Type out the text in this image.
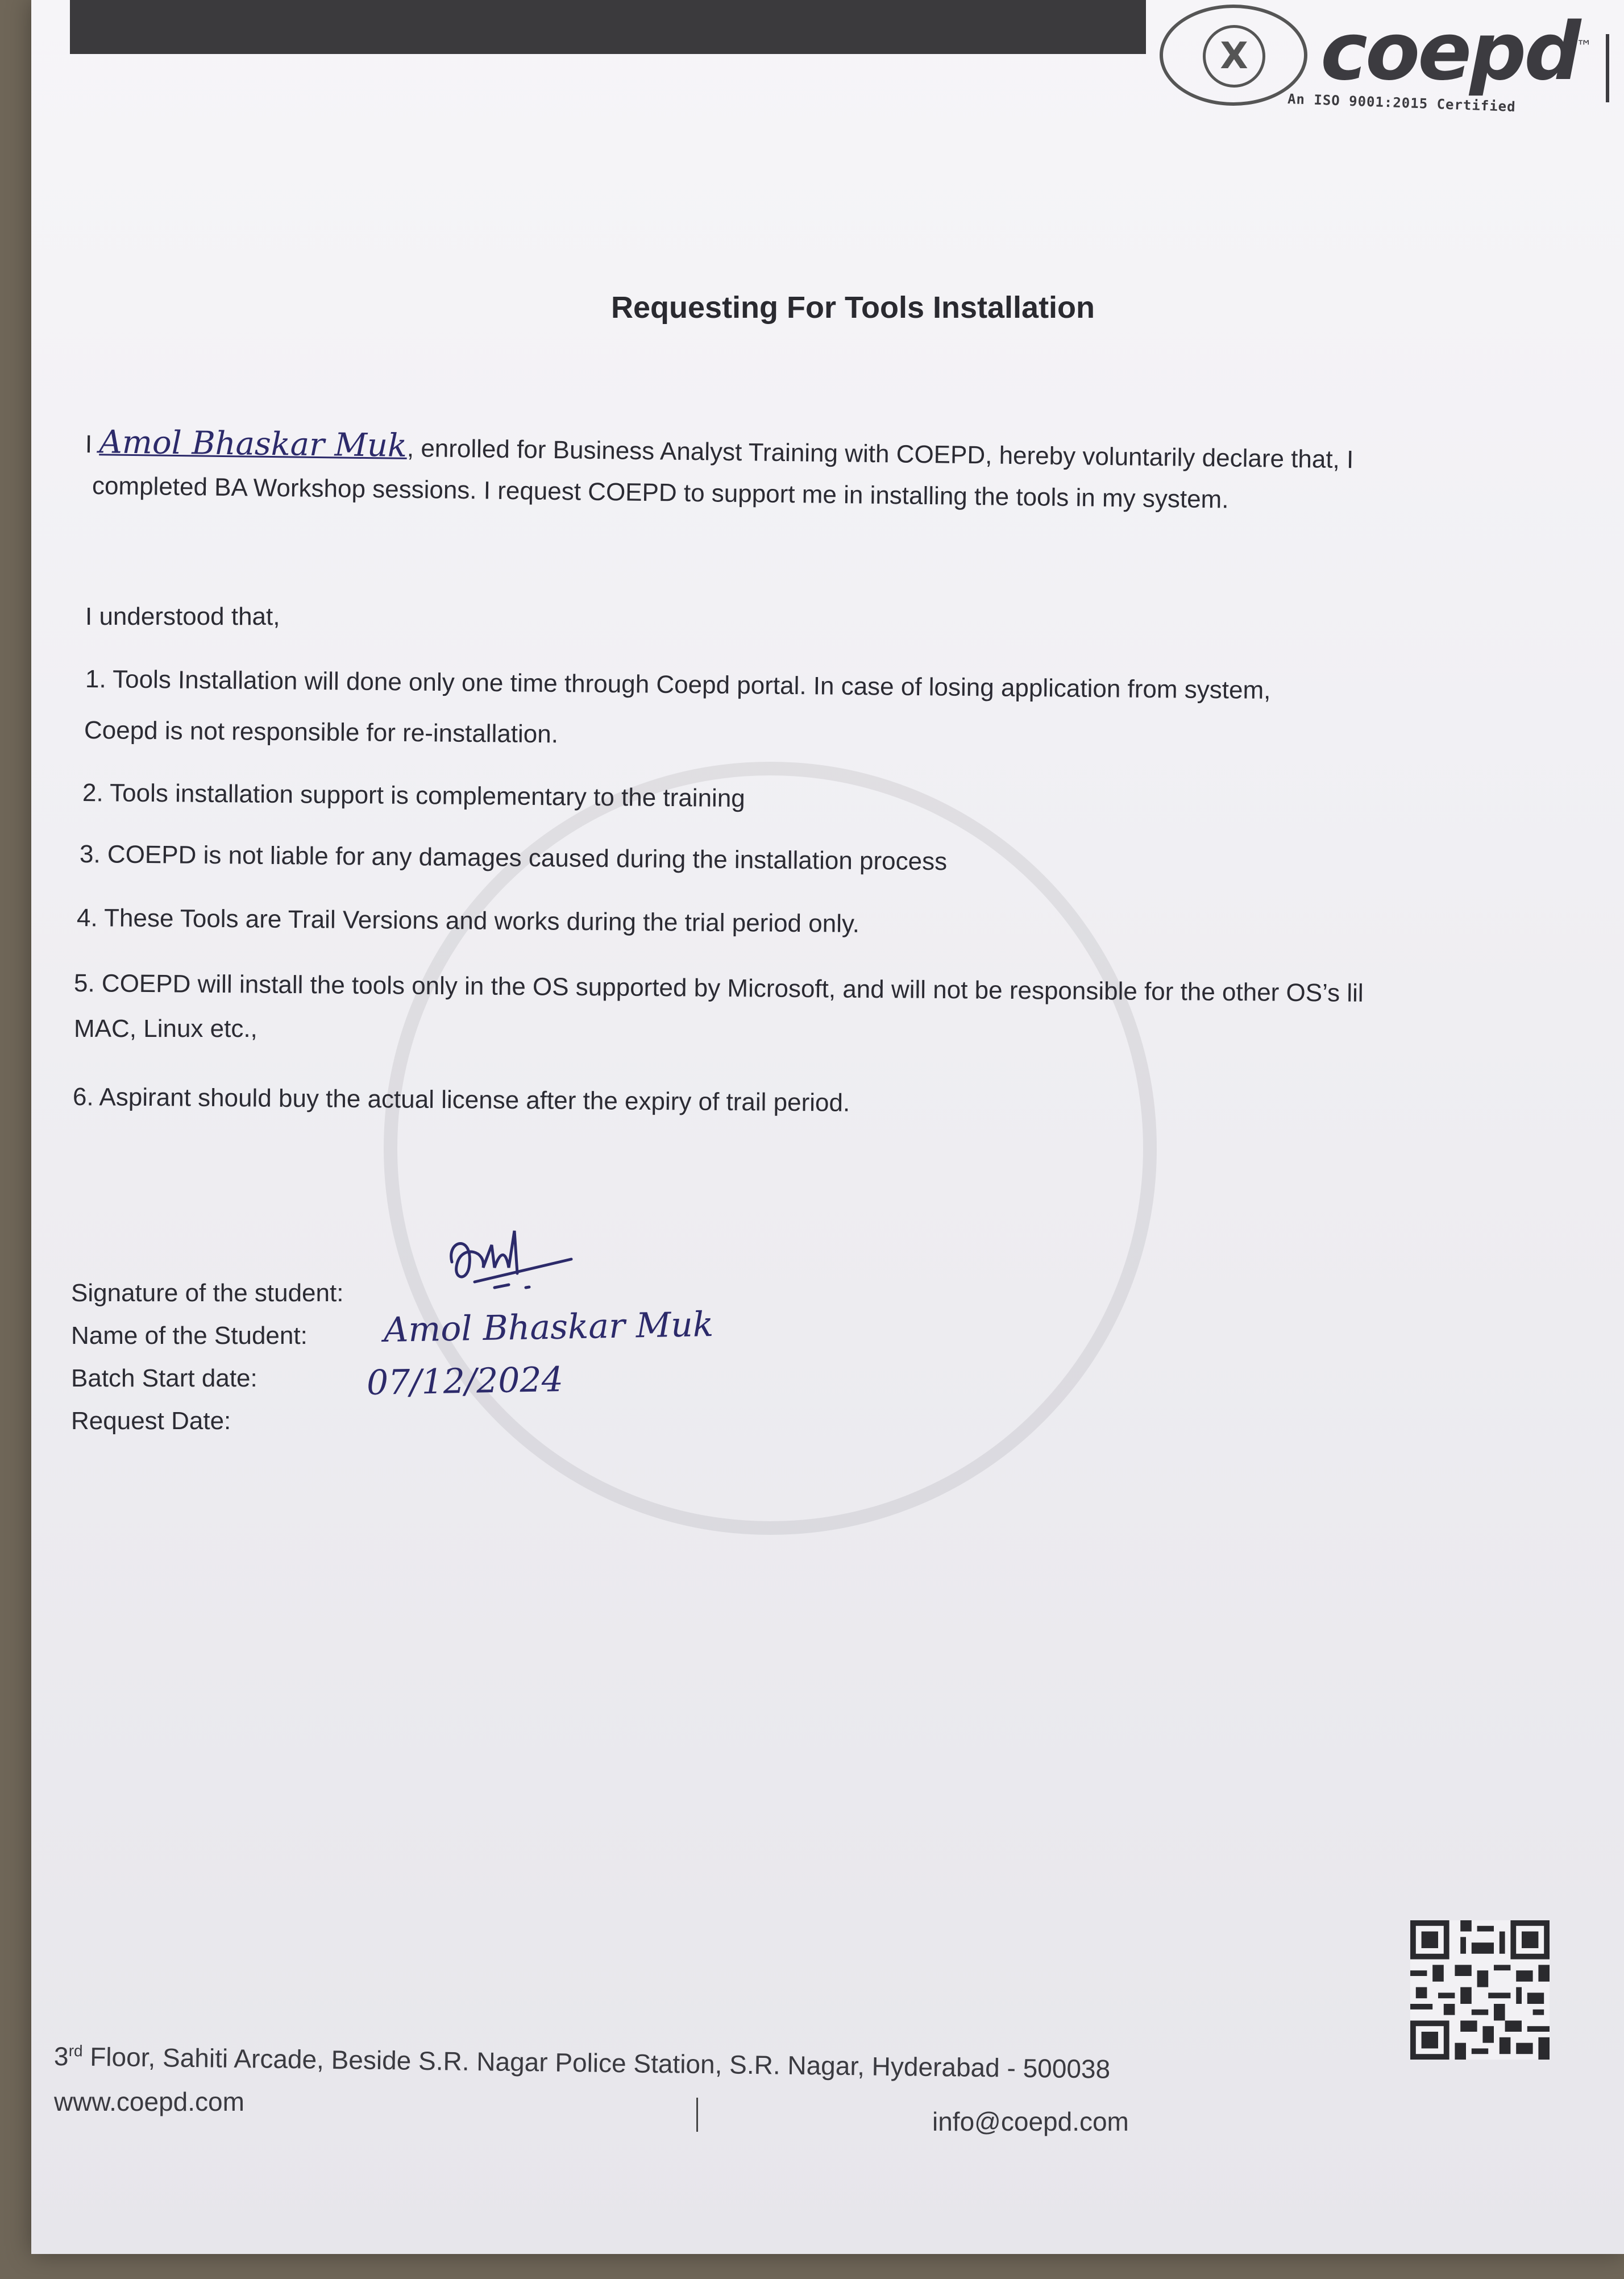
X coepd
™
An ISO 9001:2015 Certified
Requesting For Tools Installation
I Amol Bhaskar Muk, enrolled for Business Analyst Training with COEPD, hereby voluntarily declare that, I
completed BA Workshop sessions. I request COEPD to support me in installing the tools in my system.
I understood that,
1. Tools Installation will done only one time through Coepd portal. In case of losing application from system,
Coepd is not responsible for re-installation.
2. Tools installation support is complementary to the training
3. COEPD is not liable for any damages caused during the installation process
4. These Tools are Trail Versions and works during the trial period only.
5. COEPD will install the tools only in the OS supported by Microsoft, and will not be responsible for the other OS’s lil
MAC, Linux etc.,
6. Aspirant should buy the actual license after the expiry of trail period.
Signature of the student:
Name of the Student: Amol Bhaskar Muk
Batch Start date:	07/12/2024
Request Date:
3rd Floor, Sahiti Arcade, Beside S.R. Nagar Police Station, S.R. Nagar, Hyderabad - 500038
www.coepd.com
info@coepd.com
